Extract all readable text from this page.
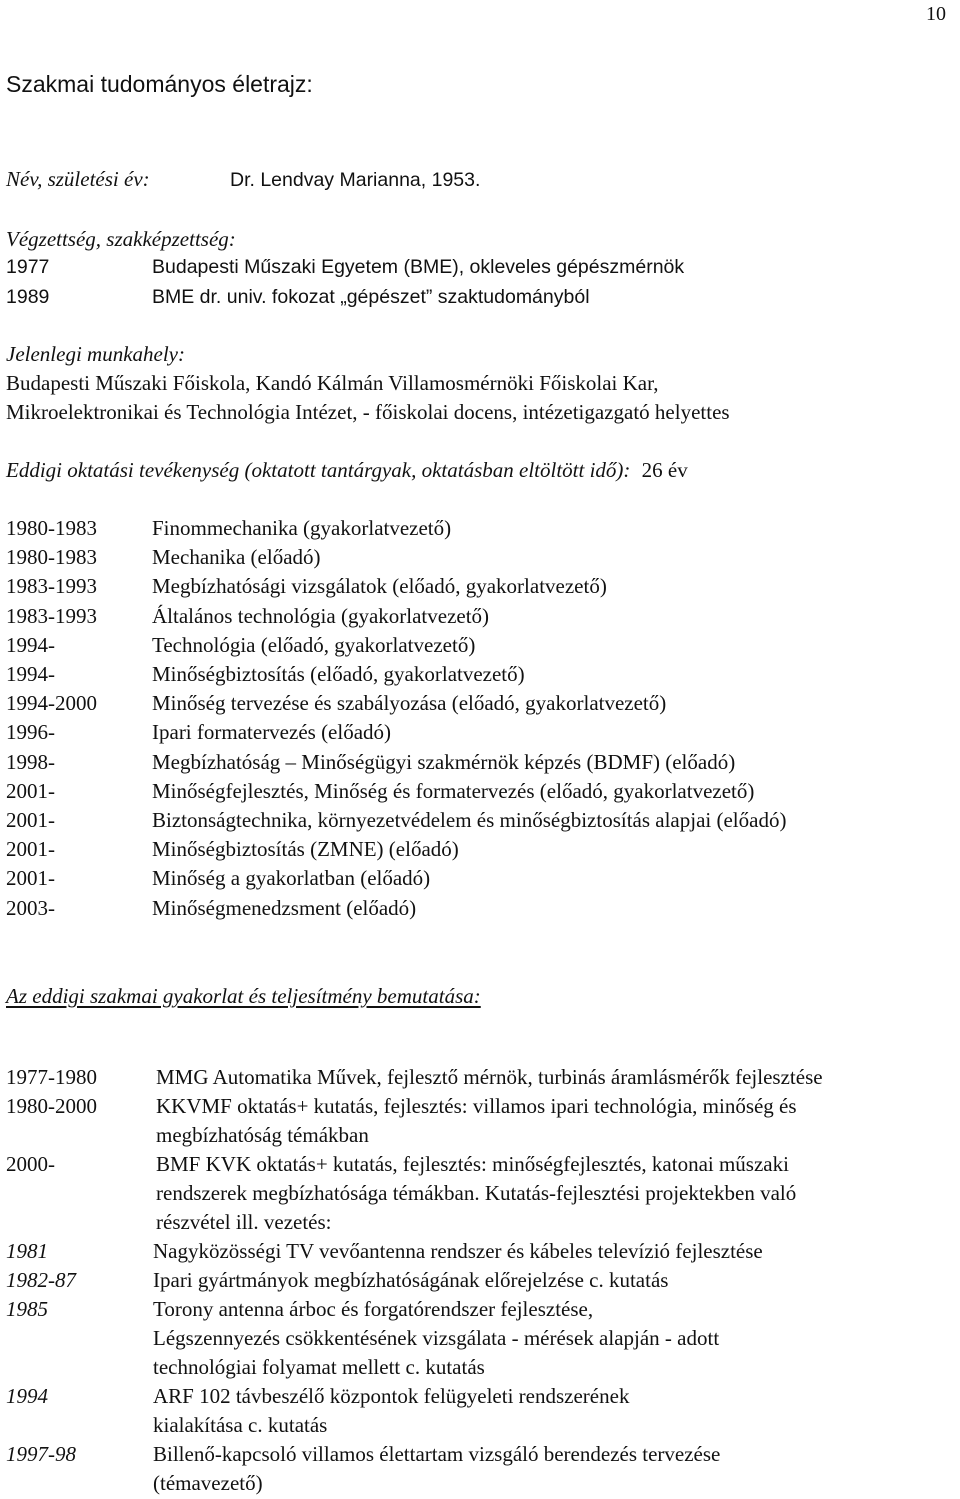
10
Szakmai tudományos életrajz:
Név, születési év:	Dr. Lendvay Marianna, 1953.
Végzettség, szakképzettség:
1977	Budapesti Műszaki Egyetem (BME), okleveles gépészmérnök
1989	BME dr. univ. fokozat „gépészet” szaktudományból
Jelenlegi munkahely:
Budapesti Műszaki Főiskola, Kandó Kálmán Villamosmérnöki Főiskolai Kar,
Mikroelektronikai és Technológia Intézet, - főiskolai docens, intézetigazgató helyettes
Eddigi oktatási tevékenység (oktatott tantárgyak, oktatásban eltöltött idő): 26 év
1980-1983	Finommechanika (gyakorlatvezető)
1980-1983	Mechanika (előadó)
1983-1993	Megbízhatósági vizsgálatok (előadó, gyakorlatvezető)
1983-1993	Általános technológia (gyakorlatvezető)
1994-	Technológia (előadó, gyakorlatvezető)
1994-	Minőségbiztosítás (előadó, gyakorlatvezető)
1994-2000	Minőség tervezése és szabályozása (előadó, gyakorlatvezető)
1996-	Ipari formatervezés (előadó)
1998-	Megbízhatóság – Minőségügyi szakmérnök képzés (BDMF) (előadó)
2001-	Minőségfejlesztés, Minőség és formatervezés (előadó, gyakorlatvezető)
2001-	Biztonságtechnika, környezetvédelem és minőségbiztosítás alapjai (előadó)
2001-	Minőségbiztosítás (ZMNE) (előadó)
2001-	Minőség a gyakorlatban (előadó)
2003-	Minőségmenedzsment (előadó)
Az eddigi szakmai gyakorlat és teljesítmény bemutatása:
1977-1980	MMG Automatika Művek, fejlesztő mérnök, turbinás áramlásmérők fejlesztése
1980-2000	KKVMF oktatás+ kutatás, fejlesztés: villamos ipari technológia, minőség és
megbízhatóság témákban
2000-	BMF KVK oktatás+ kutatás, fejlesztés: minőségfejlesztés, katonai műszaki
rendszerek megbízhatósága témákban. Kutatás-fejlesztési projektekben való
részvétel ill. vezetés:
1981	Nagyközösségi TV vevőantenna rendszer és kábeles televízió fejlesztése
1982-87	Ipari gyártmányok megbízhatóságának előrejelzése c. kutatás
1985	Torony antenna árboc és forgatórendszer fejlesztése,
Légszennyezés csökkentésének vizsgálata - mérések alapján - adott
technológiai folyamat mellett c. kutatás
1994	ARF 102 távbeszélő központok felügyeleti rendszerének
kialakítása c. kutatás
1997-98	Billenő-kapcsoló villamos élettartam vizsgáló berendezés tervezése
(témavezető)
